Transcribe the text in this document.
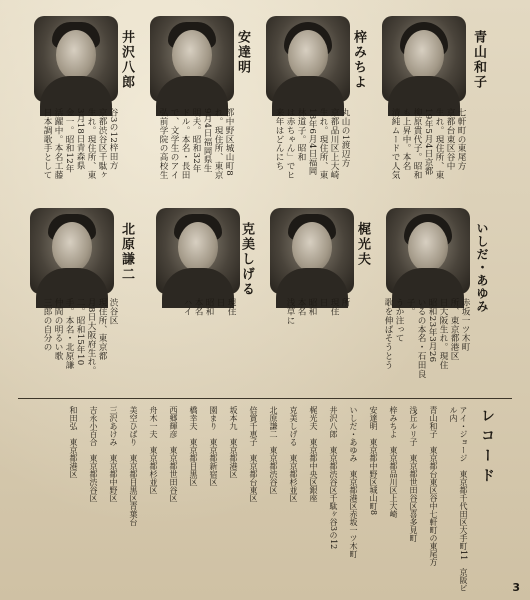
井沢八郎	安達明	梓みちよ	青山和子
谷3の12梓田方
京都渋谷区千駄ヶ
生れ。現住所、東
3月18日青森県
金一。昭和12年
活躍中。本名工藤
日本調歌手として	都中野区城山町8
れ。現住所、東京
9月4日福岡県生
明夫。昭和32年
ドル。本名・長田
で、文学生のアイ
弘前学院の高校生	丸山の1渡辺方
京都品川区上大崎
生れ。現住所、東
18年6月4日福岡
林道子。昭和
は赤ちゃん」でヒ
来年はどんにち	七軒町の東尾方
京都台東区谷中
生れ。現住所、東
19年5月4日京都
柳原貴代子。昭和
も上昇中。本名
清純ムードで人気
北原謙二	克美しげる	梶光夫	いしだ・あゆみ
渋谷区
現住所、東京都
月8日大阪府生れ。
二。昭和15年10
手。本名・北原謙
仲間の明るい歌
三郎の自分の	現住
日
昭和
本名
ハイ	所
現住
日
昭和
本名
浅草に	赤坂一ツ木町
所、東京都港区
日大阪生れ。現住
昭和23年3月26
いるの本名・石田良子。
うか注って
歌を伸ばそうとう
レコード
アイ・ジョージ　東京都千代田区大手町11　京阪ビル内
青山和子　東京都台東区谷中七軒町の東尾方
浅丘ルリ子　東京都世田谷区喜多見町
梓みちよ　東京都品川区上大崎
安達明　東京都中野区城山町8
いしだ・あゆみ　東京都港区赤坂一ツ木町
井沢八郎　東京都渋谷区千駄ヶ谷3の12
梶光夫　東京都中央区銀座
克美しげる　東京都杉並区
北原謙二　東京都渋谷区
倍賞千恵子　東京都台東区
坂本九　東京都港区
園まり　東京都新宿区
橋幸夫　東京都目黒区
西郷輝彦　東京都世田谷区
舟木一夫　東京都杉並区
美空ひばり　東京都目黒区青葉台
三沢あけみ　東京都中野区
吉永小百合　東京都渋谷区
和田弘　東京都港区
3
